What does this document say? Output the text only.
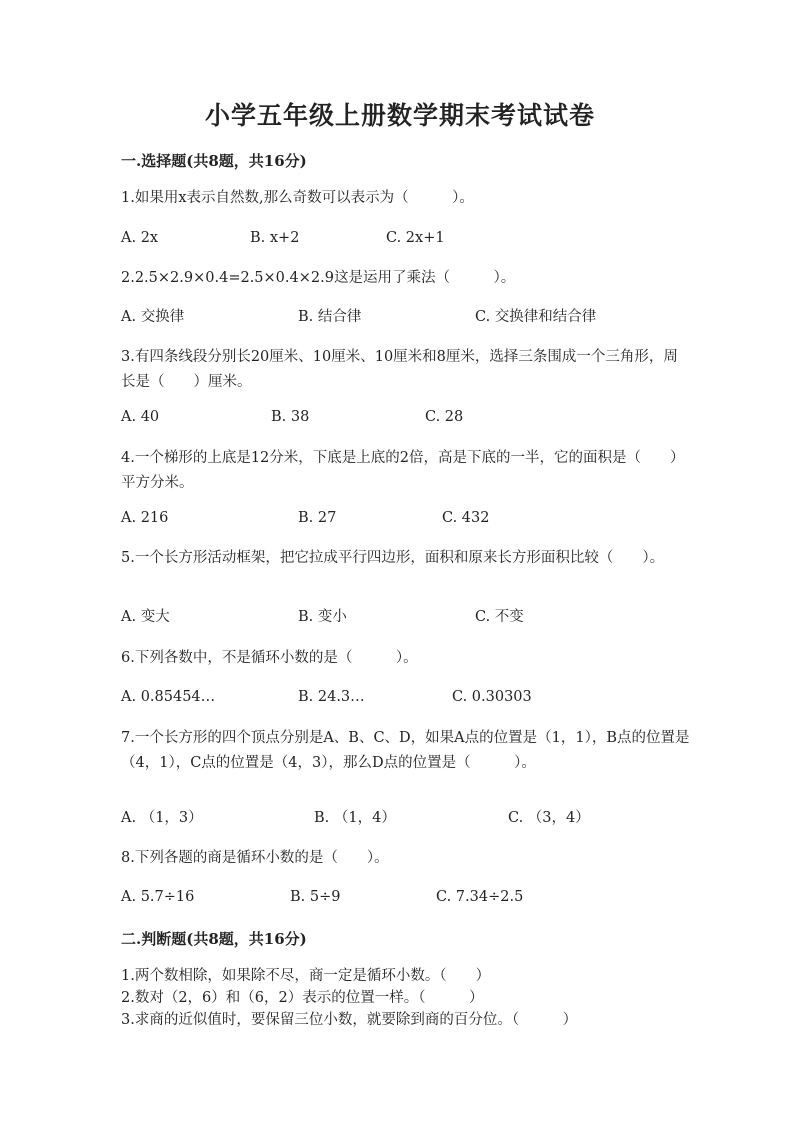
小学五年级上册数学期末考试试卷
一.选择题(共8题，共16分)
1.如果用x表示自然数,那么奇数可以表示为（　　　）。
A. 2x	B. x+2	C. 2x+1
2.2.5×2.9×0.4=2.5×0.4×2.9这是运用了乘法（　　　）。
A. 交换律	B. 结合律	C. 交换律和结合律
3.有四条线段分别长20厘米、10厘米、10厘米和8厘米，选择三条围成一个三角形，周长是（　　）厘米。
A. 40	B. 38	C. 28
4.一个梯形的上底是12分米，下底是上底的2倍，高是下底的一半，它的面积是（　　）平方分米。
A. 216	B. 27	C. 432
5.一个长方形活动框架，把它拉成平行四边形，面积和原来长方形面积比较（　　）。
A. 变大	B. 变小	C. 不变
6.下列各数中，不是循环小数的是（　　　）。
A. 0.85454…	B. 24.3…	C. 0.30303
7.一个长方形的四个顶点分别是A、B、C、D，如果A点的位置是（1，1），B点的位置是（4，1），C点的位置是（4，3），那么D点的位置是（　　　）。
A. （1，3）	B. （1，4）	C. （3，4）
8.下列各题的商是循环小数的是（　　）。
A. 5.7÷16	B. 5÷9	C. 7.34÷2.5
二.判断题(共8题，共16分)
1.两个数相除，如果除不尽，商一定是循环小数。（　　）
2.数对（2，6）和（6，2）表示的位置一样。（　　　）
3.求商的近似值时，要保留三位小数，就要除到商的百分位。（　　　）
